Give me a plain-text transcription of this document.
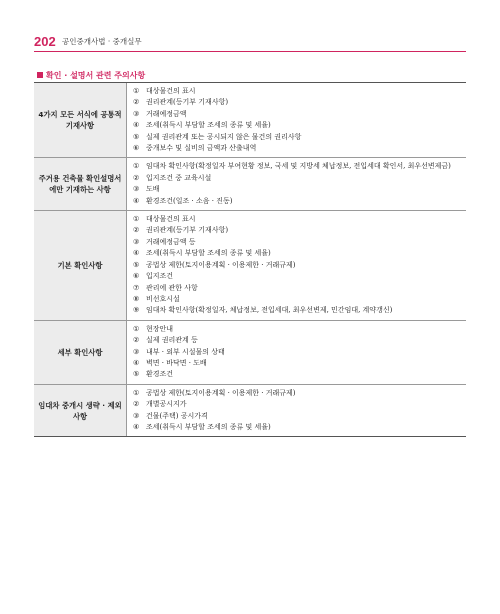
202 공인중개사법 · 중개실무
확인 · 설명서 관련 주의사항
4가지 모든 서식에 공통적 기재사항
① 대상물건의 표시
② 권리관계(등기부 기재사항)
③ 거래예정금액
④ 조세(취득시 부담할 조세의 종류 및 세율)
⑤ 실제 권리관계 또는 공시되지 않은 물건의 권리사항
⑥ 중개보수 및 실비의 금액과 산출내역
주거용 건축물 확인설명서에만 기재하는 사항
① 임대차 확인사항(확정일자 부여현황 정보, 국세 및 지방세 체납정보, 전입세대 확인서, 최우선변제금)
② 입지조건 중 교육시설
③ 도배
④ 환경조건(일조 · 소음 · 진동)
기본 확인사항
① 대상물건의 표시
② 권리관계(등기부 기재사항)
③ 거래예정금액 등
④ 조세(취득시 부담할 조세의 종류 및 세율)
⑤ 공법상 제한(토지이용계획 · 이용제한 · 거래규제)
⑥ 입지조건
⑦ 관리에 관한 사항
⑧ 비선호시설
⑨ 임대차 확인사항(확정일자, 체납정보, 전입세대, 최우선변제, 민간임대, 계약갱신)
세부 확인사항
① 현장안내
② 실제 권리관계 등
③ 내부 · 외부 시설물의 상태
④ 벽면 · 바닥면 · 도배
⑤ 환경조건
임대차 중개시 생략 · 제외 사항
① 공법상 제한(토지이용계획 · 이용제한 · 거래규제)
② 개별공시지가
③ 건물(주택) 공시가격
④ 조세(취득시 부담할 조세의 종류 및 세율)
